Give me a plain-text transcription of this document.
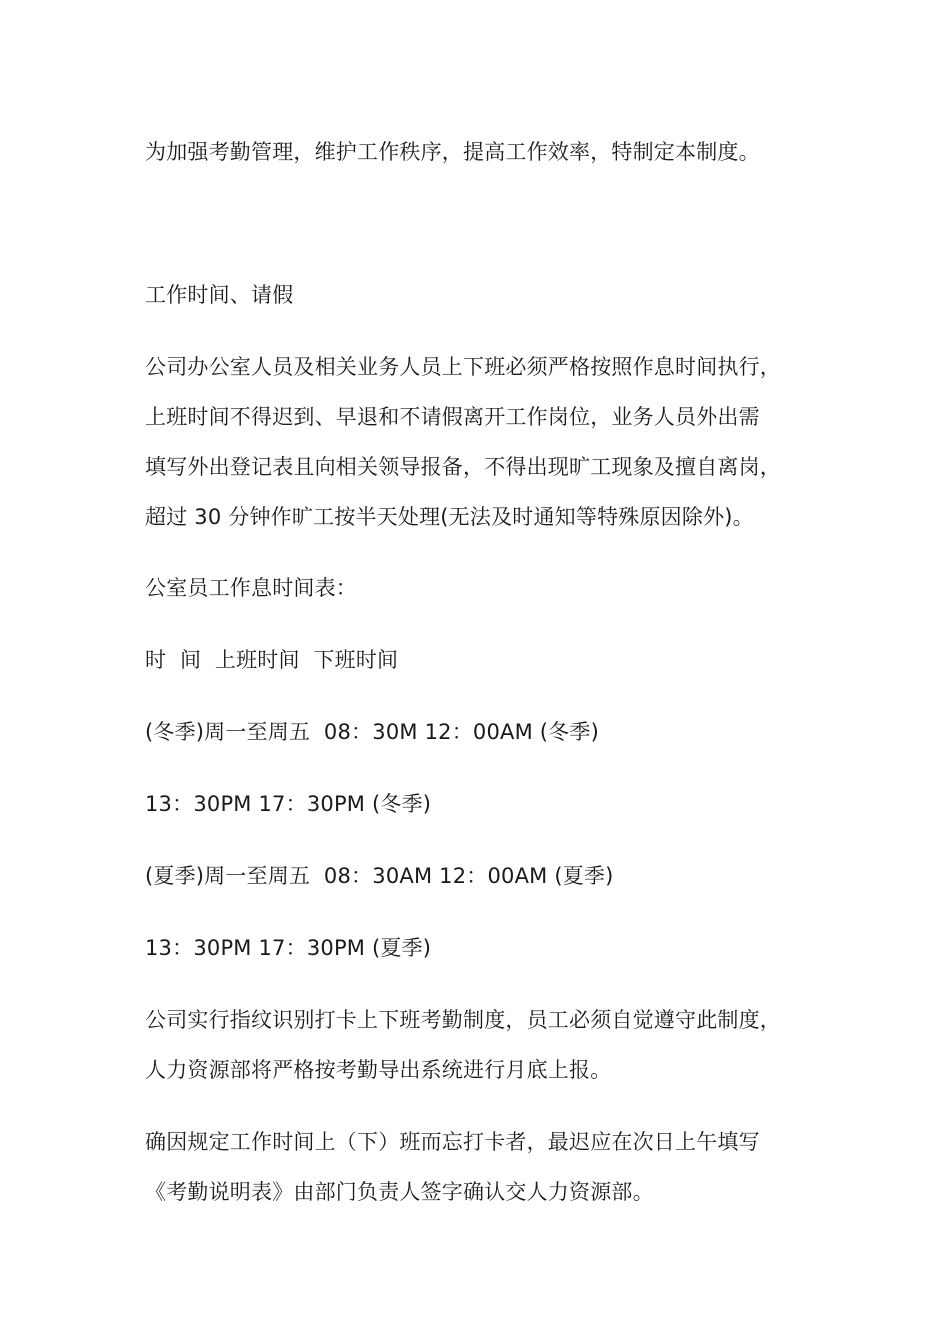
为加强考勤管理，维护工作秩序，提高工作效率，特制定本制度。
工作时间、请假
公司办公室人员及相关业务人员上下班必须严格按照作息时间执行，
上班时间不得迟到、早退和不请假离开工作岗位，业务人员外出需
填写外出登记表且向相关领导报备，不得出现旷工现象及擅自离岗，
超过 30 分钟作旷工按半天处理(无法及时通知等特殊原因除外)。
公室员工作息时间表：
时  间  上班时间  下班时间
(冬季)周一至周五  08：30M 12：00AM (冬季)
13：30PM 17：30PM (冬季)
(夏季)周一至周五  08：30AM 12：00AM (夏季)
13：30PM 17：30PM (夏季)
公司实行指纹识别打卡上下班考勤制度，员工必须自觉遵守此制度，
人力资源部将严格按考勤导出系统进行月底上报。
确因规定工作时间上（下）班而忘打卡者，最迟应在次日上午填写
《考勤说明表》由部门负责人签字确认交人力资源部。
